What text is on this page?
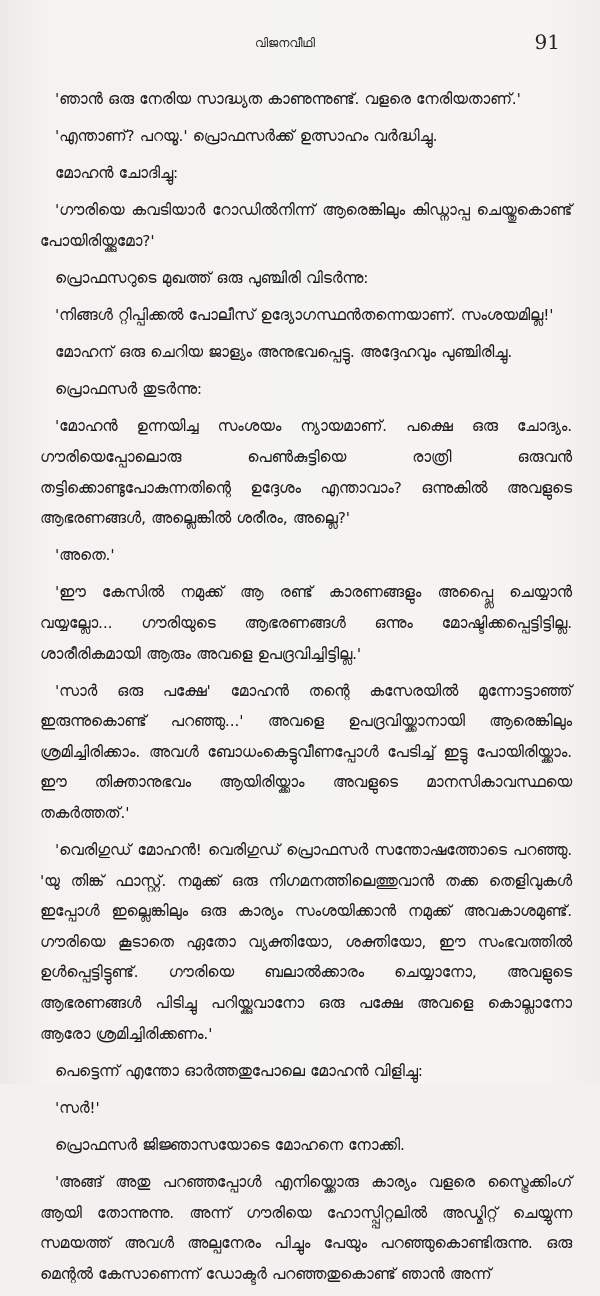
വിജനവീഥി	91

'ഞാൻ ഒരു നേരിയ സാദ്ധ്യത കാണുന്നുണ്ട്. വളരെ നേരിയതാണ്.'

'എന്താണ്? പറയൂ.' പ്രൊഫസർക്ക് ഉത്സാഹം വർദ്ധിച്ചു.

മോഹൻ ചോദിച്ചു:

'ഗൗരിയെ കവടിയാർ റോഡിൽനിന്ന് ആരെങ്കിലും കിഡ്നാപ്പ ചെയ്തുകൊണ്ട് പോയിരിയ്ക്കുമോ?'

പ്രൊഫസറുടെ മുഖത്ത് ഒരു പുഞ്ചിരി വിടർന്നു:

'നിങ്ങൾ റ്റിപ്പിക്കൽ പോലീസ് ഉദ്യോഗസ്ഥൻതന്നെയാണ്. സംശയമില്ല!'

മോഹന് ഒരു ചെറിയ ജാള്യം അനുഭവപ്പെട്ടു. അദ്ദേഹവും പുഞ്ചിരിച്ചു.

പ്രൊഫസർ തുടർന്നു:

'മോഹൻ ഉന്നയിച്ച സംശയം ന്യായമാണ്. പക്ഷെ ഒരു ചോദ്യം. ഗൗരിയെപ്പോലൊരു പെൺകുട്ടിയെ രാത്രി ഒരുവൻ തട്ടിക്കൊണ്ടുപോകുന്നതിന്റെ ഉദ്ദേശം എന്താവാം? ഒന്നുകിൽ അവളുടെ ആഭരണങ്ങൾ, അല്ലെങ്കിൽ ശരീരം, അല്ലെ?'

'അതെ.'

'ഈ കേസിൽ നമുക്ക് ആ രണ്ട് കാരണങ്ങളും അപ്പ്ലൈ ചെയ്യാൻ വയ്യല്ലോ... ഗൗരിയുടെ ആഭരണങ്ങൾ ഒന്നും മോഷ്ടിക്കപ്പെട്ടിട്ടില്ല. ശാരീരികമായി ആരും അവളെ ഉപദ്രവിച്ചിട്ടില്ല.'

'സാർ ഒരു പക്ഷേ' മോഹൻ തന്റെ കസേരയിൽ മുന്നോട്ടാഞ്ഞ് ഇരുന്നുകൊണ്ട് പറഞ്ഞു...' അവളെ ഉപദ്രവിയ്ക്കാനായി ആരെങ്കിലും ശ്രമിച്ചിരിക്കാം. അവൾ ബോധംകെട്ടുവീണപ്പോൾ പേടിച്ച് ഇട്ടു പോയിരിയ്ക്കാം. ഈ തിക്താനുഭവം ആയിരിയ്ക്കാം അവളുടെ മാനസികാവസ്ഥയെ തകർത്തത്.'

'വെരിഗുഡ് മോഹൻ! വെരിഗുഡ് പ്രൊഫസർ സന്തോഷത്തോടെ പറഞ്ഞു. 'യു തിങ്ക് ഫാസ്റ്റ്. നമുക്ക് ഒരു നിഗമനത്തിലെത്തുവാൻ തക്ക തെളിവുകൾ ഇപ്പോൾ ഇല്ലെങ്കിലും ഒരു കാര്യം സംശയിക്കാൻ നമുക്ക് അവകാശമുണ്ട്. ഗൗരിയെ കൂടാതെ ഏതോ വ്യക്തിയോ, ശക്തിയോ, ഈ സംഭവത്തിൽ ഉൾപ്പെട്ടിട്ടുണ്ട്. ഗൗരിയെ ബലാൽക്കാരം ചെയ്യാനോ, അവളുടെ ആഭരണങ്ങൾ പിടിച്ചു പറിയ്ക്കുവാനോ ഒരു പക്ഷേ അവളെ കൊല്ലാനോ ആരോ ശ്രമിച്ചിരിക്കണം.'

പെട്ടെന്ന് എന്തോ ഓർത്തതുപോലെ മോഹൻ വിളിച്ചു:

'സർ!'

പ്രൊഫസർ ജിജ്ഞാസയോടെ മോഹനെ നോക്കി.

'അങ്ങ് അതു പറഞ്ഞപ്പോൾ എനിയ്ക്കൊരു കാര്യം വളരെ സ്ട്രൈക്കിംഗ് ആയി തോന്നുന്നു. അന്ന് ഗൗരിയെ ഹോസ്പ്പിറ്റലിൽ അഡ്മിറ്റ് ചെയ്യുന്ന സമയത്ത് അവൾ അല്പനേരം പിച്ചും പേയും പറഞ്ഞുകൊണ്ടിരുന്നു. ഒരു മെന്റൽ കേസാണെന്ന് ഡോക്ടർ പറഞ്ഞതുകൊണ്ട് ഞാൻ അന്ന്
